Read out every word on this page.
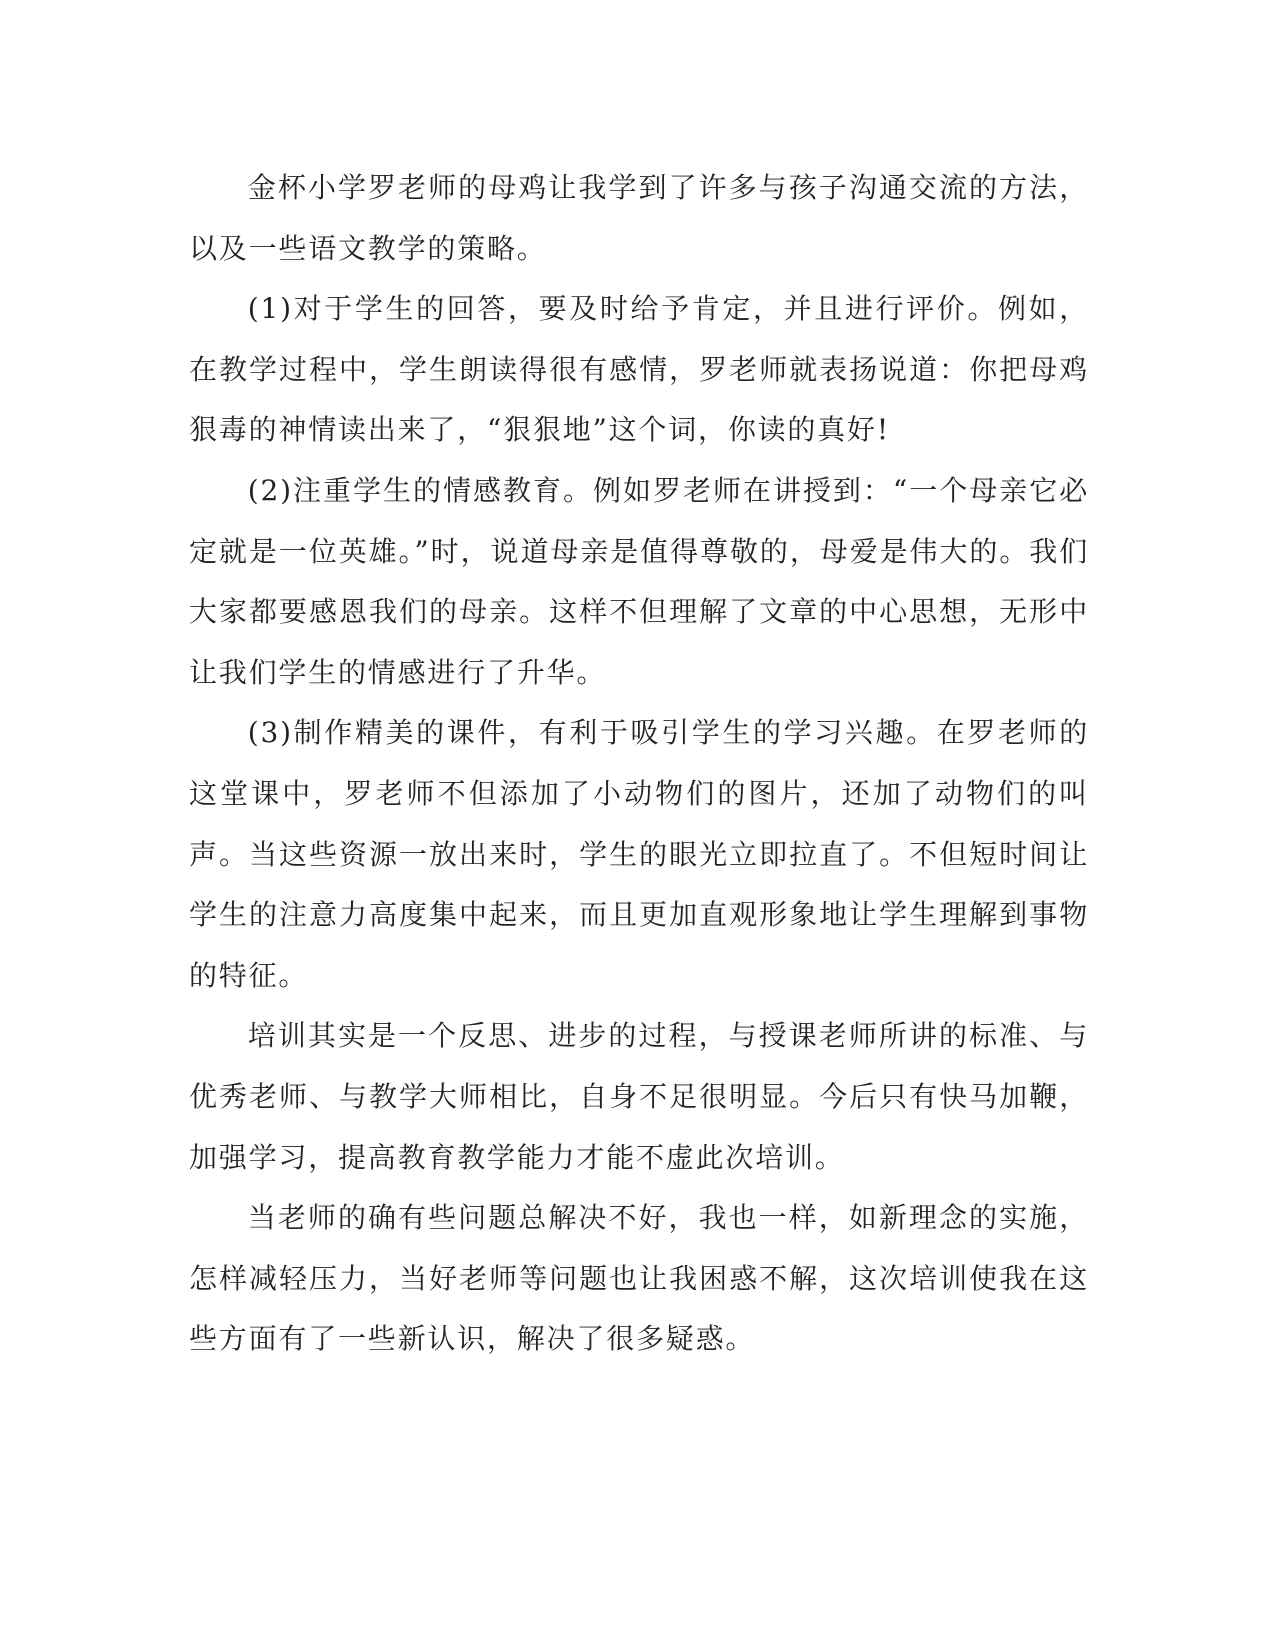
金杯小学罗老师的母鸡让我学到了许多与孩子沟通交流的方法，以及一些语文教学的策略。

(1)对于学生的回答，要及时给予肯定，并且进行评价。例如，在教学过程中，学生朗读得很有感情，罗老师就表扬说道：你把母鸡狠毒的神情读出来了，“狠狠地”这个词，你读的真好!

(2)注重学生的情感教育。例如罗老师在讲授到：“一个母亲它必定就是一位英雄。”时，说道母亲是值得尊敬的，母爱是伟大的。我们大家都要感恩我们的母亲。这样不但理解了文章的中心思想，无形中让我们学生的情感进行了升华。

(3)制作精美的课件，有利于吸引学生的学习兴趣。在罗老师的这堂课中，罗老师不但添加了小动物们的图片，还加了动物们的叫声。当这些资源一放出来时，学生的眼光立即拉直了。不但短时间让学生的注意力高度集中起来，而且更加直观形象地让学生理解到事物的特征。

培训其实是一个反思、进步的过程，与授课老师所讲的标准、与优秀老师、与教学大师相比，自身不足很明显。今后只有快马加鞭，加强学习，提高教育教学能力才能不虚此次培训。

当老师的确有些问题总解决不好，我也一样，如新理念的实施，怎样减轻压力，当好老师等问题也让我困惑不解，这次培训使我在这些方面有了一些新认识，解决了很多疑惑。
